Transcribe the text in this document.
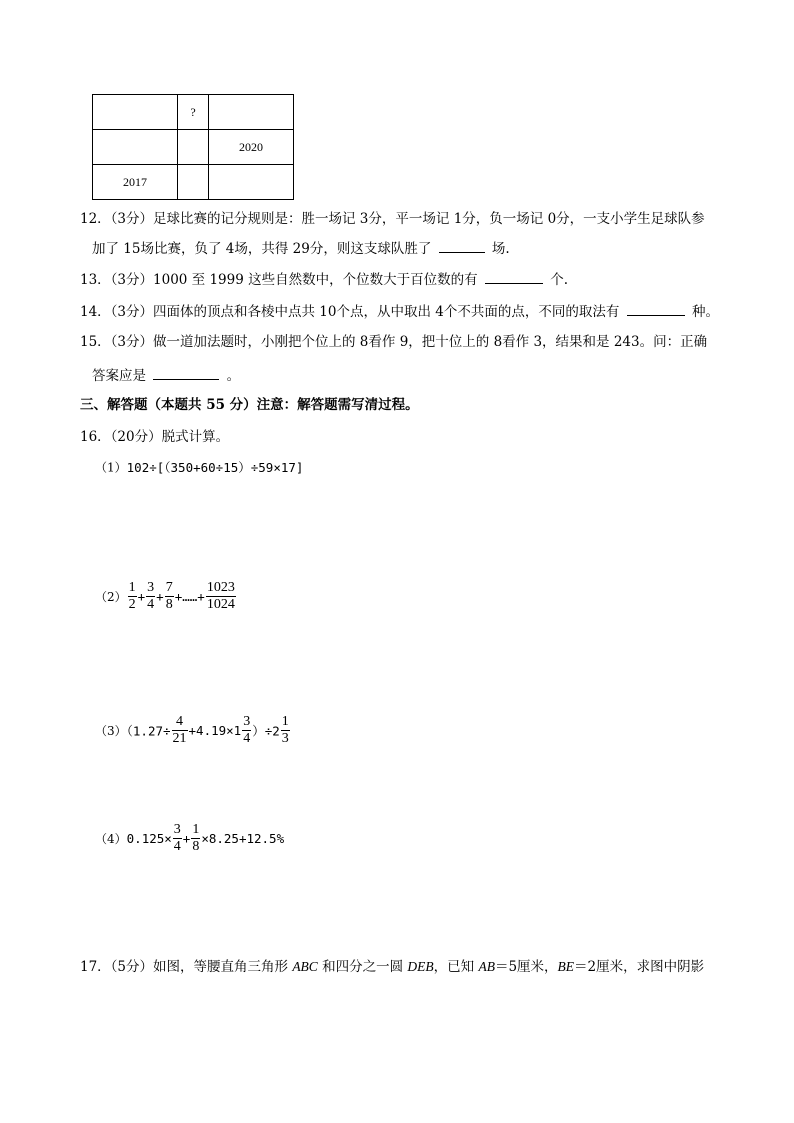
	?	
		2020
2017		
12．（3分）足球比赛的记分规则是：胜一场记 3分，平一场记 1分，负一场记 0分，一支小学生足球队参
加了 15场比赛，负了 4场，共得 29分，则这支球队胜了	场.
13．（3分）1000 至 1999 这些自然数中，个位数大于百位数的有	个.
14．（3分）四面体的顶点和各棱中点共 10个点，从中取出 4个不共面的点，不同的取法有	种。
15．（3分）做一道加法题时，小刚把个位上的 8看作 9，把十位上的 8看作 3，结果和是 243。问：正确
答案应是	。
三、解答题（本题共 55 分）注意：解答题需写清过程。
16．（20分）脱式计算。
（1）102÷[（350+60÷15）÷59×17]
$(2) \frac{1}{2} + \frac{3}{4} + \frac{7}{8}$ +……+ $\frac{1023}{1024}$
$(3)(1.27\div \frac{4}{21} +4.19\times 1 \frac{3}{4} )\div 2 \frac{1}{3}$
$(4)0.125\times \frac{3}{4} + \frac{1}{8} \times 8.25+12.5\%$
17．（5分）如图，等腰直角三角形 ABC 和四分之一圆 DEB，已知 AB＝5厘米，BE＝2厘米，求图中阴影
